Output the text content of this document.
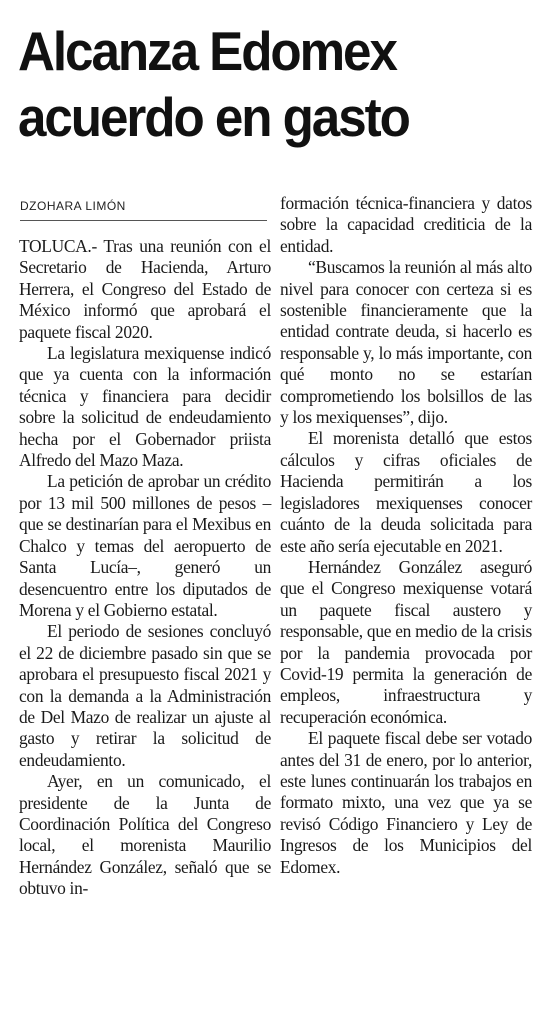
Alcanza Edomex
acuerdo en gasto
DZOHARA LIMÓN

TOLUCA.- Tras una reunión con el Secretario de Hacienda, Arturo Herrera, el Congreso del Estado de México informó que aprobará el paquete fiscal 2020.

La legislatura mexiquense indicó que ya cuenta con la información técnica y financiera para decidir sobre la solicitud de endeudamiento hecha por el Gobernador priista Alfredo del Mazo Maza.

La petición de aprobar un crédito por 13 mil 500 millones de pesos –que se destinarían para el Mexibus en Chalco y temas del aeropuerto de Santa Lucía–, generó un desencuentro entre los diputados de Morena y el Gobierno estatal.

El periodo de sesiones concluyó el 22 de diciembre pasado sin que se aprobara el presupuesto fiscal 2021 y con la demanda a la Administración de Del Mazo de realizar un ajuste al gasto y retirar la solicitud de endeudamiento.

Ayer, en un comunicado, el presidente de la Junta de Coordinación Política del Congreso local, el morenista Maurilio Hernández González, señaló que se obtuvo in-

formación técnica-financiera y datos sobre la capacidad crediticia de la entidad.

“Buscamos la reunión al más alto nivel para conocer con certeza si es sostenible financieramente que la entidad contrate deuda, si hacerlo es responsable y, lo más importante, con qué monto no se estarían comprometiendo los bolsillos de las y los mexiquenses”, dijo.

El morenista detalló que estos cálculos y cifras oficiales de Hacienda permitirán a los legisladores mexiquenses conocer cuánto de la deuda solicitada para este año sería ejecutable en 2021.

Hernández González aseguró que el Congreso mexiquense votará un paquete fiscal austero y responsable, que en medio de la crisis por la pandemia provocada por Covid-19 permita la generación de empleos, infraestructura y recuperación económica.

El paquete fiscal debe ser votado antes del 31 de enero, por lo anterior, este lunes continuarán los trabajos en formato mixto, una vez que ya se revisó Código Financiero y Ley de Ingresos de los Municipios del Edomex.
